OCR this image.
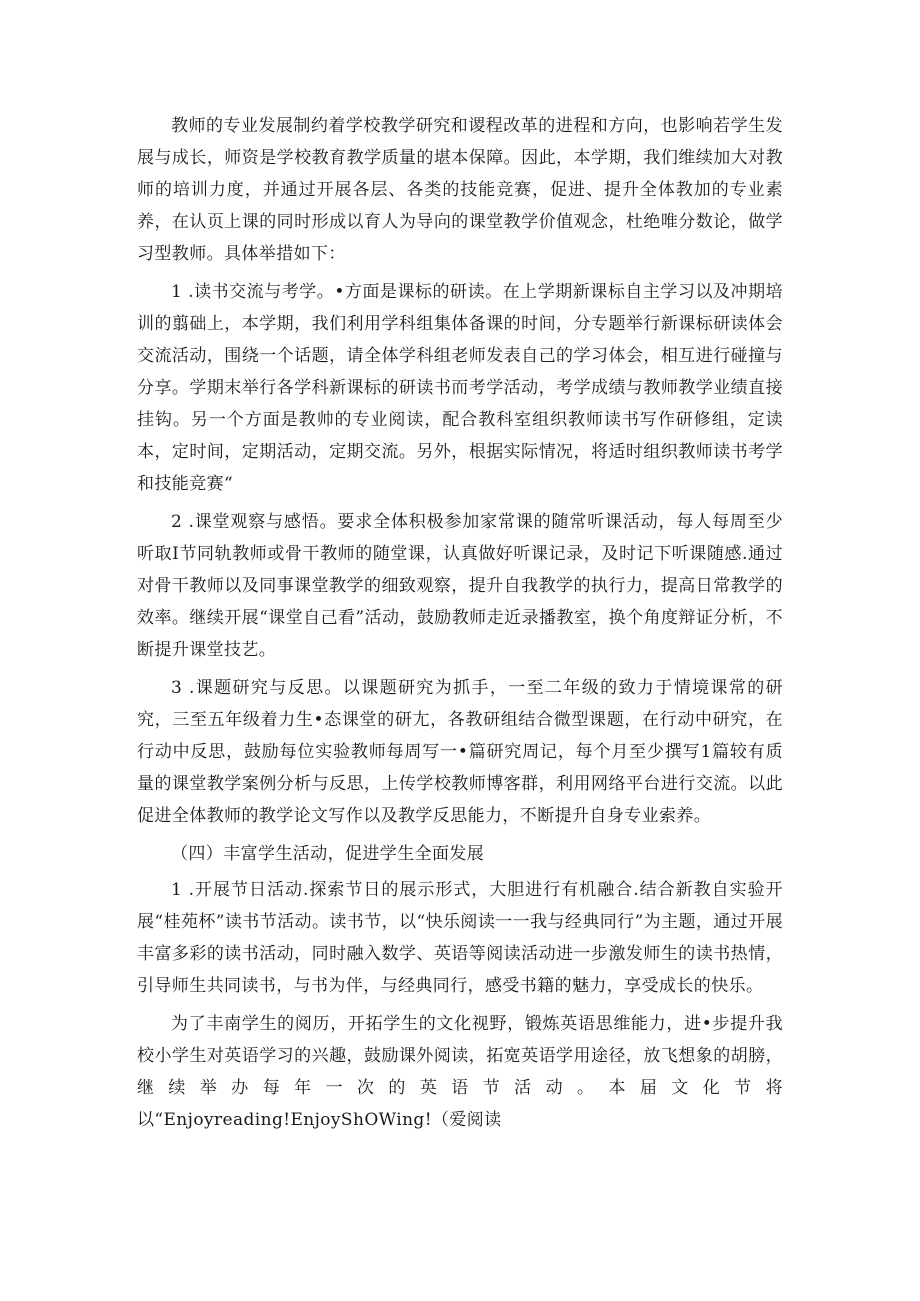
教师的专业发展制约着学校教学研究和谡程改革的进程和方向，也影响若学生发展与成长，师资是学校教育教学质量的堪本保障。因此，本学期，我们维续加大对教师的培训力度，并通过开展各层、各类的技能竞赛，促进、提升全体教加的专业素养，在认页上课的同时形成以育人为导向的课堂教学价值观念，杜绝唯分数论，做学习型教师。具体举措如下：

1 .读书交流与考学。•方面是课标的研读。在上学期新课标自主学习以及冲期培训的翦础上，本学期，我们利用学科组集体备课的时间，分专题举行新课标研读体会交流活动，围绕一个话题，请全体学科组老师发表自己的学习体会，相互进行碰撞与分享。学期末举行各学科新课标的研读书而考学活动，考学成绩与教师教学业绩直接挂钩。另一个方面是教帅的专业阅读，配合教科室组织教师读书写作研修组，定读本，定时间，定期活动，定期交流。另外，根据实际情况，将适时组织教师读书考学和技能竞赛“

2 .课堂观察与感悟。要求全体积极参加家常课的随常听课活动，每人每周至少听取I节同轨教师或骨干教师的随堂课，认真做好听课记录，及时记下听课随感.通过对骨干教师以及同事课堂教学的细致观察，提升自我教学的执行力，提高日常教学的效率。继续开展“课堂自己看”活动，鼓励教师走近录播教室，换个角度辩证分析，不断提升课堂技艺。

3 .课题研究与反思。以课题研究为抓手，一至二年级的致力于情境课常的研究，三至五年级着力生•态课堂的研尢，各教研组结合微型课题，在行动中研究，在行动中反思，鼓励每位实验教师每周写一•篇研究周记，每个月至少撰写1篇较有质量的课堂教学案例分析与反思，上传学校教师博客群，利用网络平台进行交流。以此促进全体教师的教学论文写作以及教学反思能力，不断提升自身专业索养。

（四）丰富学生活动，促进学生全面发展

1 .开展节日活动.探索节日的展示形式，大胆进行有机融合.结合新教自实验开展“桂苑杯”读书节活动。读书节，以“快乐阅读一一我与经典同行”为主题，通过开展丰富多彩的读书活动，同时融入数学、英语等阅读活动进一步激发师生的读书热情，引导师生共同读书，与书为伴，与经典同行，感受书籍的魅力，享受成长的快乐。

为了丰南学生的阅历，开拓学生的文化视野，锻炼英语思维能力，进•步提升我校小学生对英语学习的兴趣，鼓励课外阅读，拓宽英语学用途径，放飞想象的胡膀，继续举办每年一次的英语节活动。本届文化节将以“Enjoyreading!EnjoyShOWing!（爱阅读
